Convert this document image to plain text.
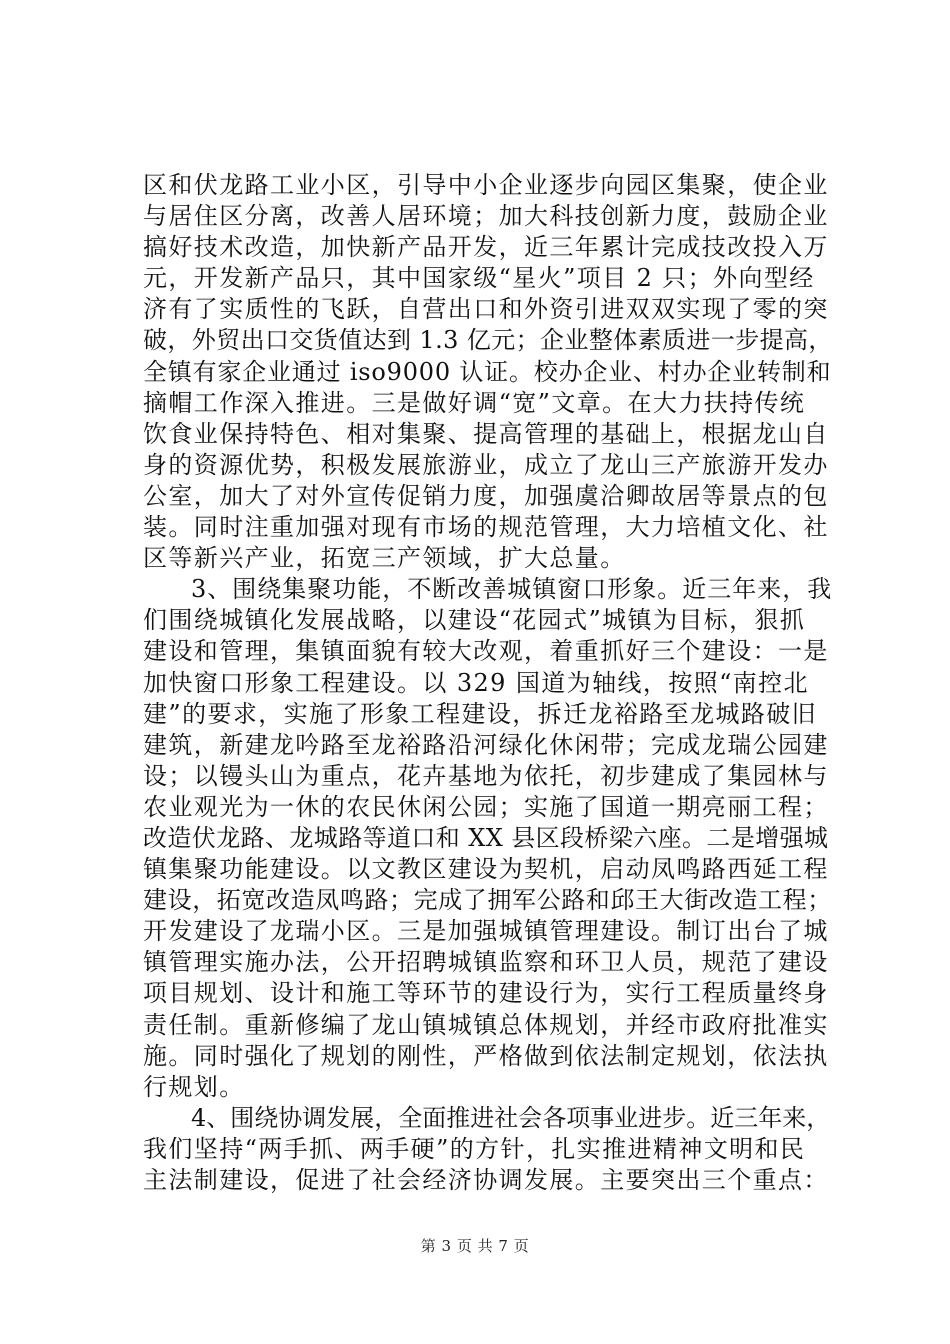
区和伏龙路工业小区，引导中小企业逐步向园区集聚，使企业
与居住区分离，改善人居环境；加大科技创新力度，鼓励企业
搞好技术改造，加快新产品开发，近三年累计完成技改投入万
元，开发新产品只，其中国家级“星火”项目 2 只；外向型经
济有了实质性的飞跃，自营出口和外资引进双双实现了零的突
破，外贸出口交货值达到 1.3 亿元；企业整体素质进一步提高，
全镇有家企业通过 iso9000 认证。校办企业、村办企业转制和
摘帽工作深入推进。三是做好调“宽”文章。在大力扶持传统
饮食业保持特色、相对集聚、提高管理的基础上，根据龙山自
身的资源优势，积极发展旅游业，成立了龙山三产旅游开发办
公室，加大了对外宣传促销力度，加强虞洽卿故居等景点的包
装。同时注重加强对现有市场的规范管理，大力培植文化、社
区等新兴产业，拓宽三产领域，扩大总量。
3、围绕集聚功能，不断改善城镇窗口形象。近三年来，我
们围绕城镇化发展战略，以建设“花园式”城镇为目标，狠抓
建设和管理，集镇面貌有较大改观，着重抓好三个建设：一是
加快窗口形象工程建设。以 329 国道为轴线，按照“南控北
建”的要求，实施了形象工程建设，拆迁龙裕路至龙城路破旧
建筑，新建龙吟路至龙裕路沿河绿化休闲带；完成龙瑞公园建
设；以镘头山为重点，花卉基地为依托，初步建成了集园林与
农业观光为一休的农民休闲公园；实施了国道一期亮丽工程；
改造伏龙路、龙城路等道口和 XX 县区段桥梁六座。二是增强城
镇集聚功能建设。以文教区建设为契机，启动凤鸣路西延工程
建设，拓宽改造凤鸣路；完成了拥军公路和邱王大街改造工程；
开发建设了龙瑞小区。三是加强城镇管理建设。制订出台了城
镇管理实施办法，公开招聘城镇监察和环卫人员，规范了建设
项目规划、设计和施工等环节的建设行为，实行工程质量终身
责任制。重新修编了龙山镇城镇总体规划，并经市政府批准实
施。同时强化了规划的刚性，严格做到依法制定规划，依法执
行规划。
4、围绕协调发展，全面推进社会各项事业进步。近三年来，
我们坚持“两手抓、两手硬”的方针，扎实推进精神文明和民
主法制建设，促进了社会经济协调发展。主要突出三个重点：
第 3 页 共 7 页
